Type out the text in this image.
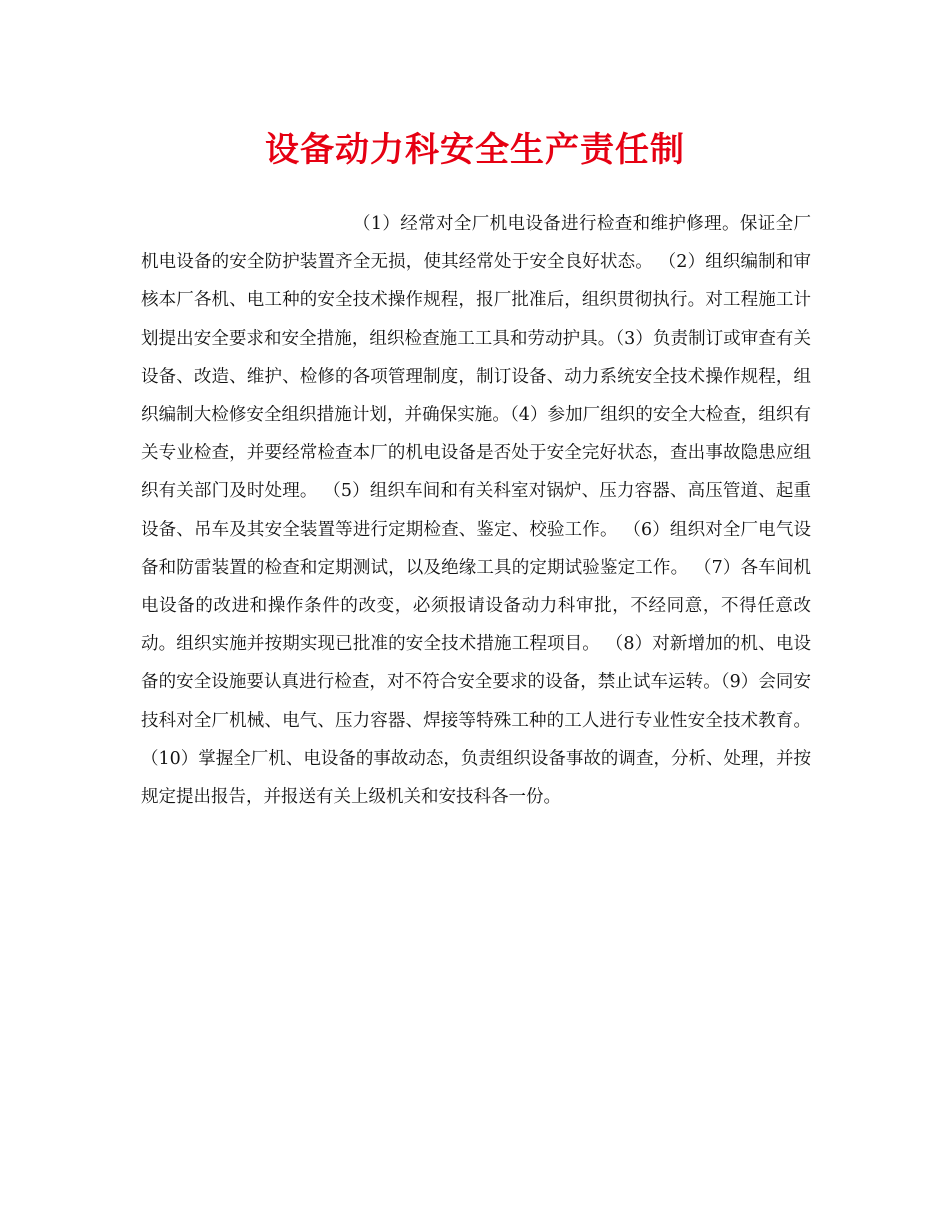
设备动力科安全生产责任制

（1）经常对全厂机电设备进行检查和维护修理。保证全厂机电设备的安全防护装置齐全无损，使其经常处于安全良好状态。 （2）组织编制和审核本厂各机、电工种的安全技术操作规程，报厂批准后，组织贯彻执行。对工程施工计划提出安全要求和安全措施，组织检查施工工具和劳动护具。（3）负责制订或审查有关设备、改造、维护、检修的各项管理制度，制订设备、动力系统安全技术操作规程，组织编制大检修安全组织措施计划，并确保实施。（4）参加厂组织的安全大检查，组织有关专业检查，并要经常检查本厂的机电设备是否处于安全完好状态，查出事故隐患应组织有关部门及时处理。 （5）组织车间和有关科室对锅炉、压力容器、高压管道、起重设备、吊车及其安全装置等进行定期检查、鉴定、校验工作。 （6）组织对全厂电气设备和防雷装置的检查和定期测试，以及绝缘工具的定期试验鉴定工作。 （7）各车间机电设备的改进和操作条件的改变，必须报请设备动力科审批，不经同意，不得任意改动。组织实施并按期实现已批准的安全技术措施工程项目。 （8）对新增加的机、电设备的安全设施要认真进行检查，对不符合安全要求的设备，禁止试车运转。（9）会同安技科对全厂机械、电气、压力容器、焊接等特殊工种的工人进行专业性安全技术教育。 （10）掌握全厂机、电设备的事故动态，负责组织设备事故的调查，分析、处理，并按规定提出报告，并报送有关上级机关和安技科各一份。
